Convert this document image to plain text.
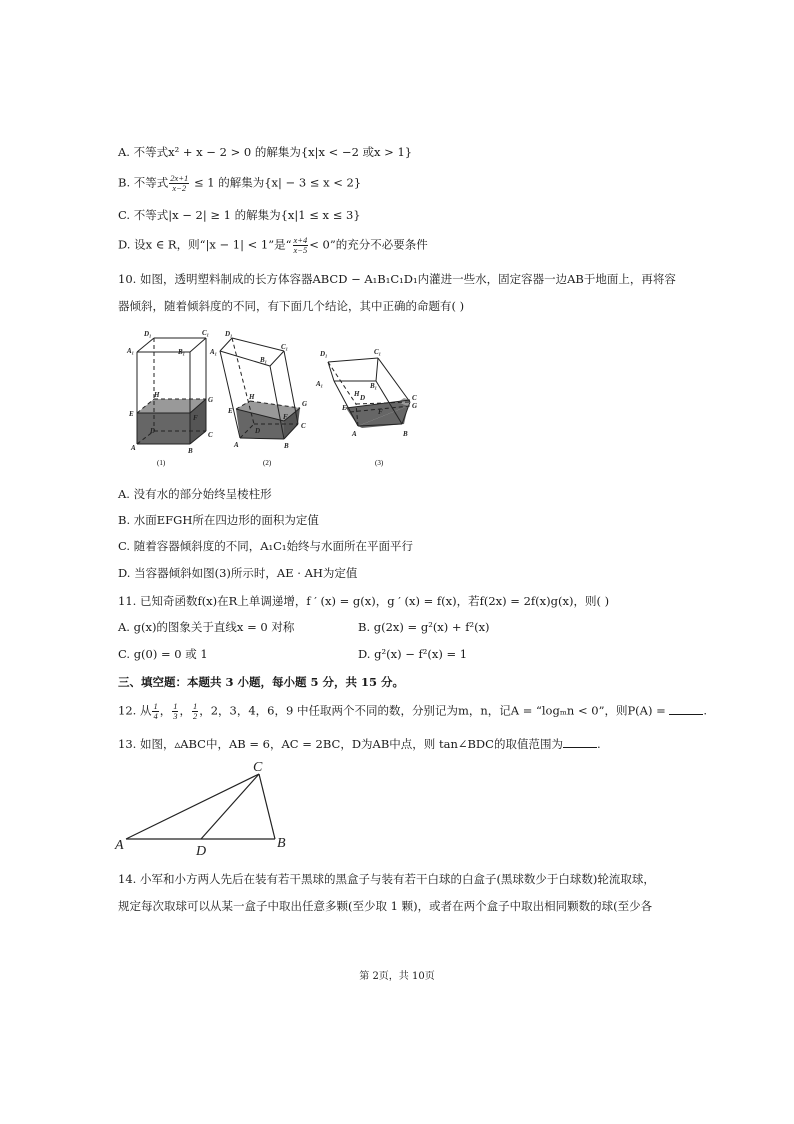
A. 不等式x² + x − 2 > 0 的解集为{x|x < −2 或x > 1}
B. 不等式 $\frac{2x+1}{x-2} \le 1$ 的解集为{x| − 3 ≤ x < 2}
C. 不等式|x − 2| ≥ 1 的解集为{x|1 ≤ x ≤ 3}
D. 设x ∈ R，则“|x − 1| < 1”是“ $\frac{x+4}{x-5} < 0$”的充分不必要条件
10. 如图，透明塑料制成的长方体容器ABCD − A₁B₁C₁D₁内灌进一些水，固定容器一边AB于地面上，再将容
器倾斜，随着倾斜度的不同，有下面几个结论，其中正确的命题有( )
D₁	C₁
A₁	B₁
H
G
E	F
D	C
A	B
(1)
D₁
C₁
A₁
B₁
H
G
E
F
D
C
A	B
(2)
D₁	C₁
A₁	B₁
D
H	C
G
E	F
A	B
(3)
A. 没有水的部分始终呈棱柱形
B. 水面EFGH所在四边形的面积为定值
C. 随着容器倾斜度的不同，A₁C₁始终与水面所在平面平行
D. 当容器倾斜如图(3)所示时，AE · AH为定值
11. 已知奇函数f(x)在R上单调递增，f ′ (x) = g(x)，g ′ (x) = f(x)，若f(2x) = 2f(x)g(x)，则( )
A. g(x)的图象关于直线x = 0 对称	B. g(2x) = g²(x) + f²(x)
C. g(0) = 0 或 1	D. g²(x) − f²(x) = 1
三、填空题：本题共 3 小题，每小题 5 分，共 15 分。
12. 从 $\frac{1}{4}$ ， $\frac{1}{3}$ ， $\frac{1}{2}$ ，2，3，4，6，9 中任取两个不同的数，分别记为m，n，记A = “logₘn < 0”，则P(A) =	.
13. 如图，▵ABC中，AB = 6，AC = 2BC，D为AB中点，则 tan∠BDC的取值范围为	.
A	B
C
D
14. 小军和小方两人先后在装有若干黑球的黑盒子与装有若干白球的白盒子(黑球数少于白球数)轮流取球，
规定每次取球可以从某一盒子中取出任意多颗(至少取 1 颗)，或者在两个盒子中取出相同颗数的球(至少各
第 2页，共 10页
